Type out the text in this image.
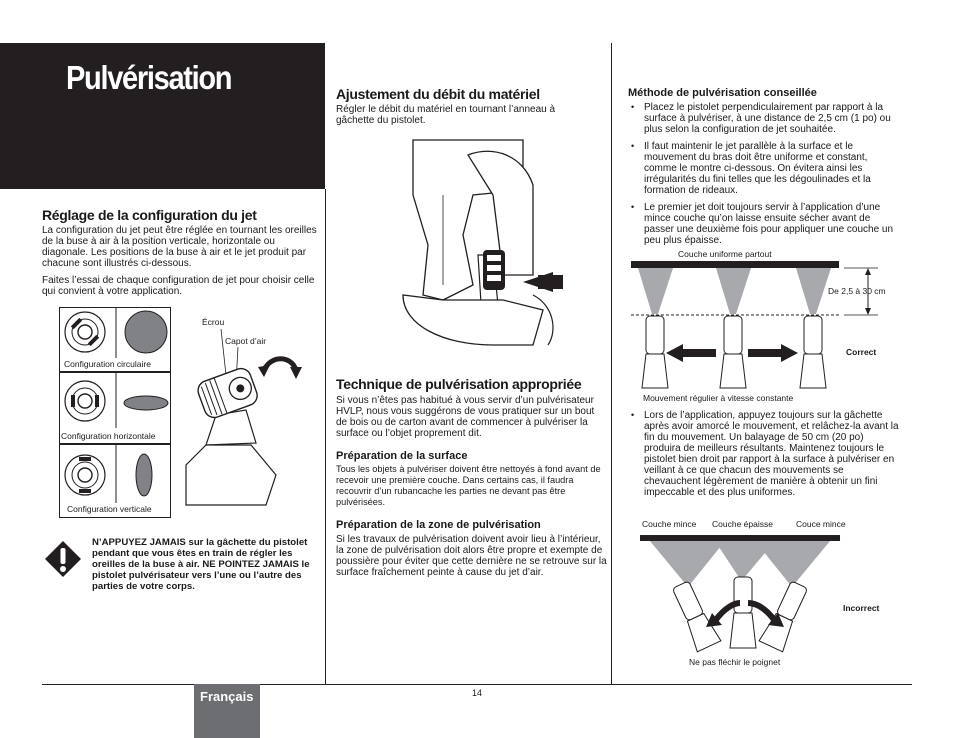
Pulvérisation
Réglage de la configuration du jet

La configuration du jet peut être réglée en tournant les oreilles de la buse à air à la position verticale, horizontale ou diagonale. Les positions de la buse à air et le jet produit par chacune sont illustrés ci-dessous.

Faites l’essai de chaque configuration de jet pour choisir celle qui convient à votre application.

Configuration circulaire
Configuration horizontale
Configuration verticale
Écrou
Capot d’air

N’APPUYEZ JAMAIS sur la gâchette du pistolet pendant que vous êtes en train de régler les oreilles de la buse à air. NE POINTEZ JAMAIS le pistolet pulvérisateur vers l’une ou l’autre des parties de votre corps.

Ajustement du débit du matériel

Régler le débit du matériel en tournant l’anneau à gâchette du pistolet.

Technique de pulvérisation appropriée

Si vous n’êtes pas habitué à vous servir d’un pulvérisateur HVLP, nous vous suggérons de vous pratiquer sur un bout de bois ou de carton avant de commencer à pulvériser la surface ou l’objet proprement dit.

Préparation de la surface

Tous les objets à pulvériser doivent être nettoyés à fond avant de recevoir une première couche. Dans certains cas, il faudra recouvrir d’un rubancache les parties ne devant pas être pulvérisées.

Préparation de la zone de pulvérisation

Si les travaux de pulvérisation doivent avoir lieu à l’intérieur, la zone de pulvérisation doit alors être propre et exempte de poussière pour éviter que cette dernière ne se retrouve sur la surface fraîchement peinte à cause du jet d’air.

Méthode de pulvérisation conseillée
• Placez le pistolet perpendiculairement par rapport à la surface à pulvériser, à une distance de 2,5 cm (1 po) ou plus selon la configuration de jet souhaitée.
• Il faut maintenir le jet parallèle à la surface et le mouvement du bras doit être uniforme et constant, comme le montre ci-dessous. On évitera ainsi les irrégularités du fini telles que les dégoulinades et la formation de rideaux.
• Le premier jet doit toujours servir à l’application d’une mince couche qu’on laisse ensuite sécher avant de passer une deuxième fois pour appliquer une couche un peu plus épaisse.
Couche uniforme partout
De 2,5 à 30 cm
Correct
Mouvement régulier à vitesse constante
• Lors de l’application, appuyez toujours sur la gâchette après avoir amorcé le mouvement, et relâchez-la avant la fin du mouvement. Un balayage de 50 cm (20 po) produira de meilleurs résultants. Maintenez toujours le pistolet bien droit par rapport à la surface à pulvériser en veillant à ce que chacun des mouvements se chevauchent légèrement de manière à obtenir un fini impeccable et des plus uniformes.
Couche mince Couche épaisse	Couce mince
Incorrect
Ne pas fléchir le poignet
Français	14
